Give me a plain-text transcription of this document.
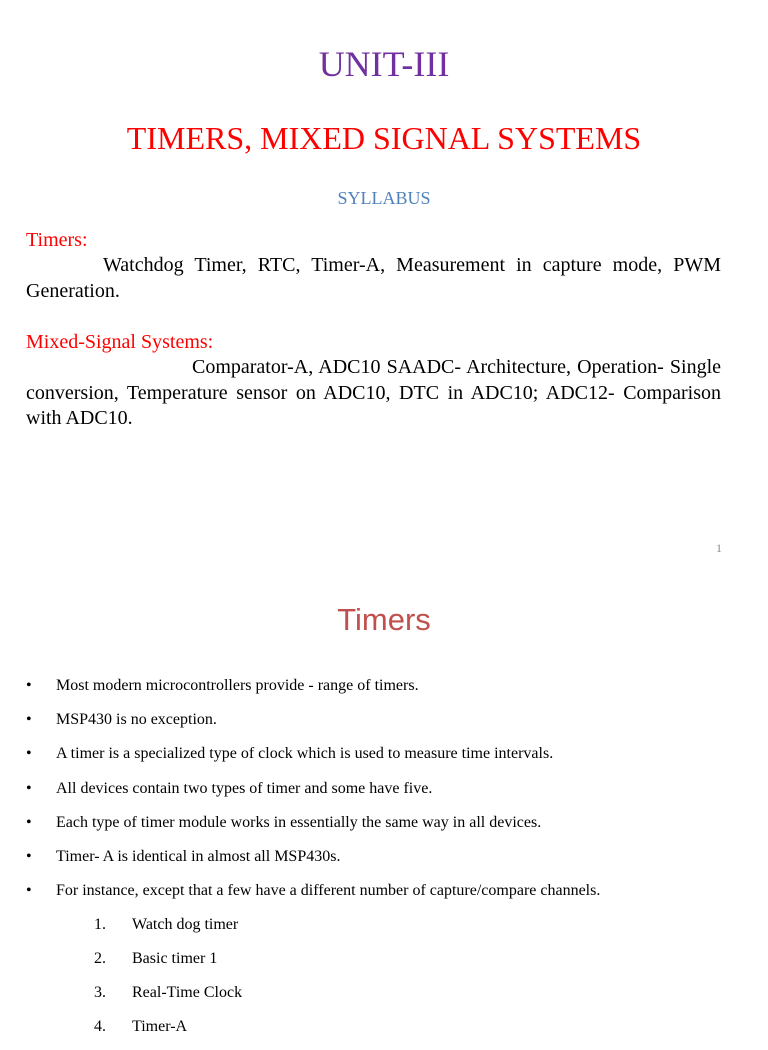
UNIT-III
TIMERS, MIXED SIGNAL SYSTEMS
SYLLABUS
Timers:

Watchdog Timer, RTC, Timer-A, Measurement in capture mode, PWM Generation.

Mixed-Signal Systems:

Comparator-A, ADC10 SAADC- Architecture, Operation- Single conversion, Temperature sensor on ADC10, DTC in ADC10; ADC12- Comparison with ADC10.

1
Timers
• Most modern microcontrollers provide - range of timers.
• MSP430 is no exception.
• A timer is a specialized type of clock which is used to measure time intervals.
• All devices contain two types of timer and some have five.
• Each type of timer module works in essentially the same way in all devices.
• Timer- A is identical in almost all MSP430s.
• For instance, except that a few have a different number of capture/compare channels.
1. Watch dog timer
2. Basic timer 1
3. Real-Time Clock
4. Timer-A
